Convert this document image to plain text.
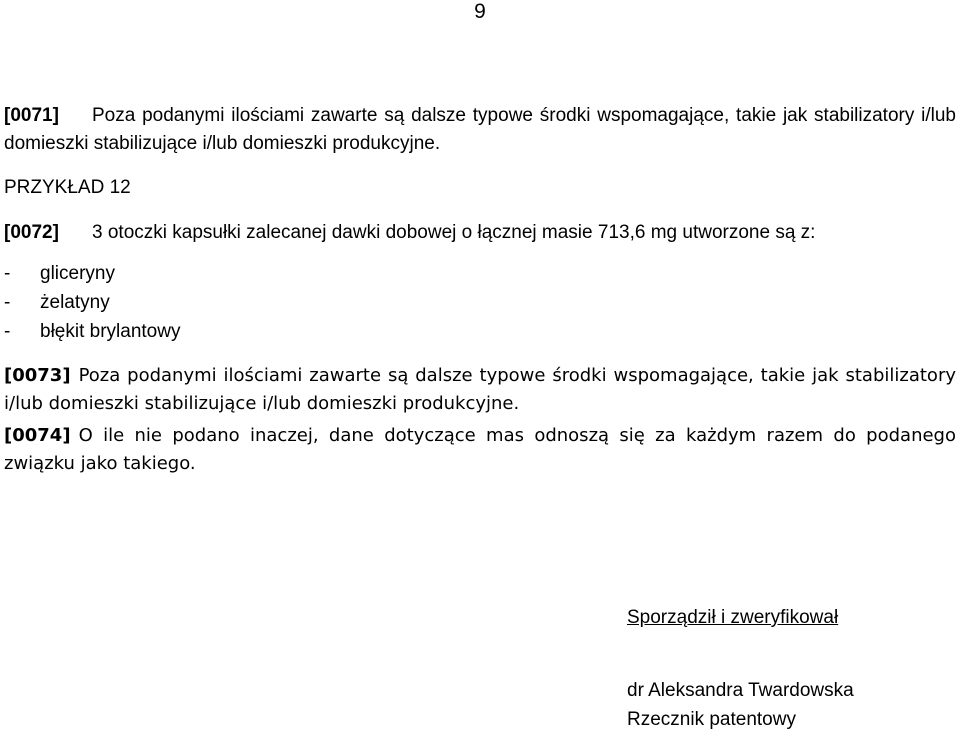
9

[0071] Poza podanymi ilościami zawarte są dalsze typowe środki wspomagające, takie jak stabilizatory i/lub domieszki stabilizujące i/lub domieszki produkcyjne.

PRZYKŁAD 12

[0072] 3 otoczki kapsułki zalecanej dawki dobowej o łącznej masie 713,6 mg utworzone są z:

- gliceryny
- żelatyny
- błękit brylantowy

[0073] Poza podanymi ilościami zawarte są dalsze typowe środki wspomagające, takie jak stabilizatory i/lub domieszki stabilizujące i/lub domieszki produkcyjne.

[0074] O ile nie podano inaczej, dane dotyczące mas odnoszą się za każdym razem do podanego związku jako takiego.

Sporządził i zweryfikował
dr Aleksandra Twardowska
Rzecznik patentowy
